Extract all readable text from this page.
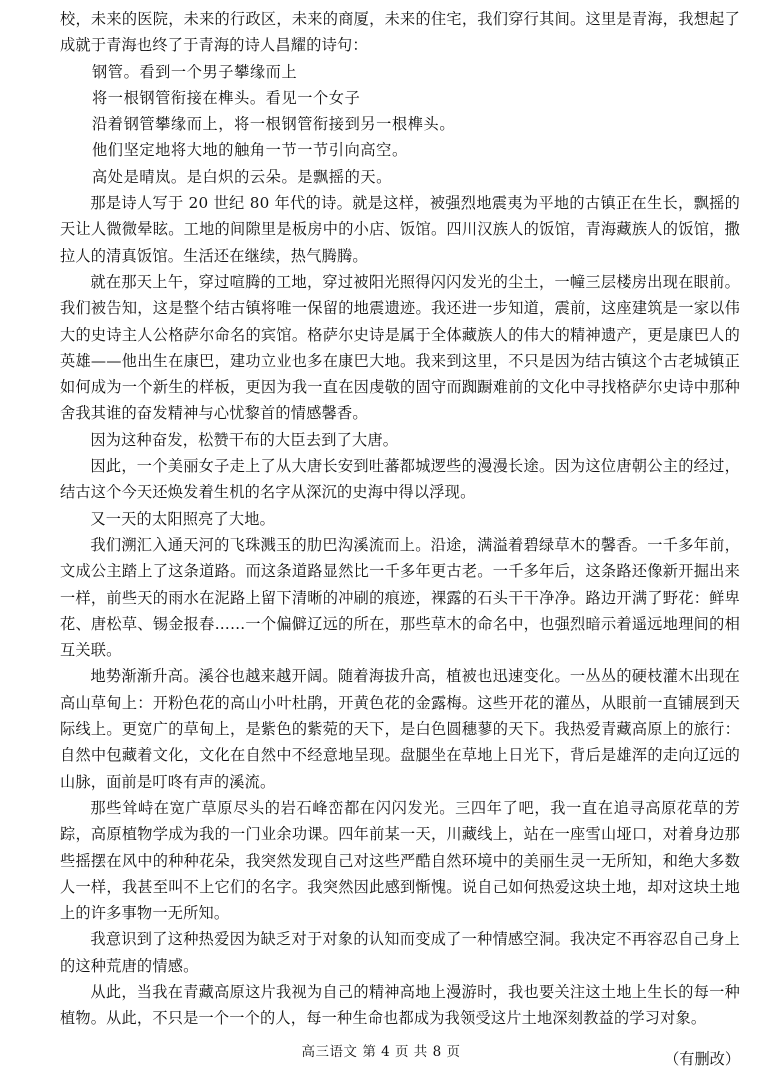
校，未来的医院，未来的行政区，未来的商厦，未来的住宅，我们穿行其间。这里是青海，我想起了成就于青海也终了于青海的诗人昌耀的诗句：

钢管。看到一个男子攀缘而上
将一根钢管衔接在榫头。看见一个女子
沿着钢管攀缘而上，将一根钢管衔接到另一根榫头。
他们坚定地将大地的触角一节一节引向高空。
高处是晴岚。是白炽的云朵。是飘摇的天。

那是诗人写于 20 世纪 80 年代的诗。就是这样，被强烈地震夷为平地的古镇正在生长，飘摇的天让人微微晕眩。工地的间隙里是板房中的小店、饭馆。四川汉族人的饭馆，青海藏族人的饭馆，撒拉人的清真饭馆。生活还在继续，热气腾腾。

就在那天上午，穿过喧腾的工地，穿过被阳光照得闪闪发光的尘土，一幢三层楼房出现在眼前。我们被告知，这是整个结古镇将唯一保留的地震遗迹。我还进一步知道，震前，这座建筑是一家以伟大的史诗主人公格萨尔命名的宾馆。格萨尔史诗是属于全体藏族人的伟大的精神遗产，更是康巴人的英雄——他出生在康巴，建功立业也多在康巴大地。我来到这里，不只是因为结古镇这个古老城镇正如何成为一个新生的样板，更因为我一直在因虔敬的固守而踟蹰难前的文化中寻找格萨尔史诗中那种舍我其谁的奋发精神与心忧黎首的情感馨香。

因为这种奋发，松赞干布的大臣去到了大唐。

因此，一个美丽女子走上了从大唐长安到吐蕃都城逻些的漫漫长途。因为这位唐朝公主的经过，结古这个今天还焕发着生机的名字从深沉的史海中得以浮现。

又一天的太阳照亮了大地。

我们溯汇入通天河的飞珠溅玉的肋巴沟溪流而上。沿途，满溢着碧绿草木的馨香。一千多年前，文成公主踏上了这条道路。而这条道路显然比一千多年更古老。一千多年后，这条路还像新开掘出来一样，前些天的雨水在泥路上留下清晰的冲刷的痕迹，裸露的石头干干净净。路边开满了野花：鲜卑花、唐松草、锡金报春……一个偏僻辽远的所在，那些草木的命名中，也强烈暗示着遥远地理间的相互关联。

地势渐渐升高。溪谷也越来越开阔。随着海拔升高，植被也迅速变化。一丛丛的硬枝灌木出现在高山草甸上：开粉色花的高山小叶杜鹃，开黄色花的金露梅。这些开花的灌丛，从眼前一直铺展到天际线上。更宽广的草甸上，是紫色的紫菀的天下，是白色圆穗蓼的天下。我热爱青藏高原上的旅行：自然中包藏着文化，文化在自然中不经意地呈现。盘腿坐在草地上日光下，背后是雄浑的走向辽远的山脉，面前是叮咚有声的溪流。

那些耸峙在宽广草原尽头的岩石峰峦都在闪闪发光。三四年了吧，我一直在追寻高原花草的芳踪，高原植物学成为我的一门业余功课。四年前某一天，川藏线上，站在一座雪山垭口，对着身边那些摇摆在风中的种种花朵，我突然发现自己对这些严酷自然环境中的美丽生灵一无所知，和绝大多数人一样，我甚至叫不上它们的名字。我突然因此感到惭愧。说自己如何热爱这块土地，却对这块土地上的许多事物一无所知。

我意识到了这种热爱因为缺乏对于对象的认知而变成了一种情感空洞。我决定不再容忍自己身上的这种荒唐的情感。

从此，当我在青藏高原这片我视为自己的精神高地上漫游时，我也要关注这土地上生长的每一种植物。从此，不只是一个一个的人，每一种生命也都成为我领受这片土地深刻教益的学习对象。

（有删改）
高三语文 第 4 页 共 8 页
